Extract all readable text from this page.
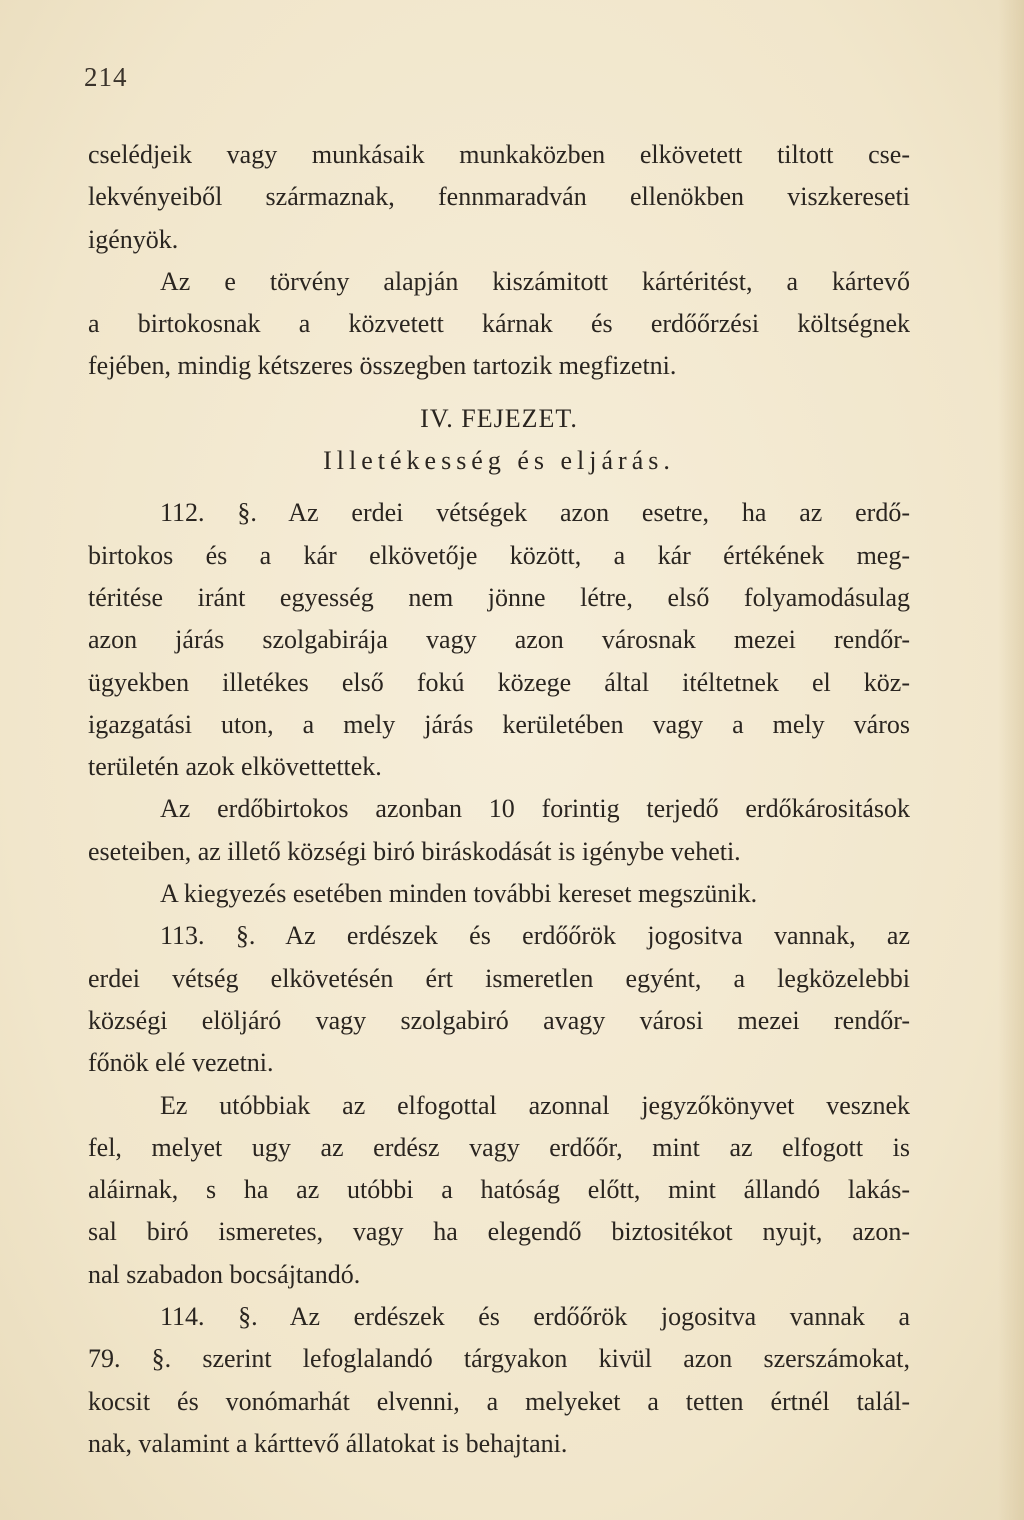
214
cselédjeik vagy munkásaik munkaközben elkövetett tiltott cse-
lekvényeiből származnak, fennmaradván ellenökben viszkereseti
igényök.
Az e törvény alapján kiszámitott kártéritést, a kártevő
a birtokosnak a közvetett kárnak és erdőőrzési költségnek
fejében, mindig kétszeres összegben tartozik megfizetni.
IV. FEJEZET.
Illetékesség és eljárás.
112. §. Az erdei vétségek azon esetre, ha az erdő-
birtokos és a kár elkövetője között, a kár értékének meg-
téritése iránt egyesség nem jönne létre, első folyamodásulag
azon járás szolgabirája vagy azon városnak mezei rendőr-
ügyekben illetékes első fokú közege által itéltetnek el köz-
igazgatási uton, a mely járás kerületében vagy a mely város
területén azok elkövettettek.
Az erdőbirtokos azonban 10 forintig terjedő erdőkárositások
eseteiben, az illető községi biró biráskodását is igénybe veheti.
A kiegyezés esetében minden további kereset megszünik.
113. §. Az erdészek és erdőőrök jogositva vannak, az
erdei vétség elkövetésén ért ismeretlen egyént, a legközelebbi
községi elöljáró vagy szolgabiró avagy városi mezei rendőr-
főnök elé vezetni.
Ez utóbbiak az elfogottal azonnal jegyzőkönyvet vesznek
fel, melyet ugy az erdész vagy erdőőr, mint az elfogott is
aláirnak, s ha az utóbbi a hatóság előtt, mint állandó lakás-
sal biró ismeretes, vagy ha elegendő biztositékot nyujt, azon-
nal szabadon bocsájtandó.
114. §. Az erdészek és erdőőrök jogositva vannak a
79. §. szerint lefoglalandó tárgyakon kivül azon szerszámokat,
kocsit és vonómarhát elvenni, a melyeket a tetten értnél talál-
nak, valamint a kárttevő állatokat is behajtani.
